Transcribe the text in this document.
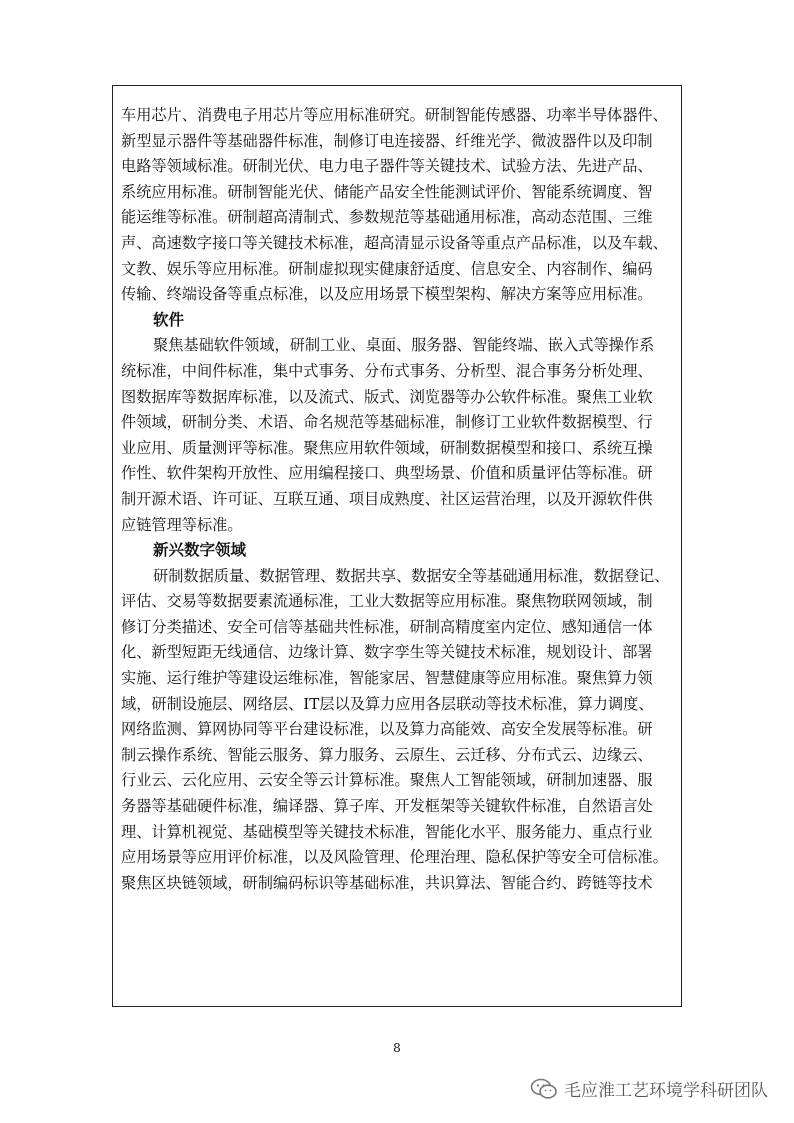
车用芯片、消费电子用芯片等应用标准研究。研制智能传感器、功率半导体器件、
新型显示器件等基础器件标准，制修订电连接器、纤维光学、微波器件以及印制
电路等领域标准。研制光伏、电力电子器件等关键技术、试验方法、先进产品、
系统应用标准。研制智能光伏、储能产品安全性能测试评价、智能系统调度、智
能运维等标准。研制超高清制式、参数规范等基础通用标准，高动态范围、三维
声、高速数字接口等关键技术标准，超高清显示设备等重点产品标准，以及车载、
文教、娱乐等应用标准。研制虚拟现实健康舒适度、信息安全、内容制作、编码
传输、终端设备等重点标准，以及应用场景下模型架构、解决方案等应用标准。
软件
聚焦基础软件领域，研制工业、桌面、服务器、智能终端、嵌入式等操作系
统标准，中间件标准，集中式事务、分布式事务、分析型、混合事务分析处理、
图数据库等数据库标准，以及流式、版式、浏览器等办公软件标准。聚焦工业软
件领域，研制分类、术语、命名规范等基础标准，制修订工业软件数据模型、行
业应用、质量测评等标准。聚焦应用软件领域，研制数据模型和接口、系统互操
作性、软件架构开放性、应用编程接口、典型场景、价值和质量评估等标准。研
制开源术语、许可证、互联互通、项目成熟度、社区运营治理，以及开源软件供
应链管理等标准。
新兴数字领域
研制数据质量、数据管理、数据共享、数据安全等基础通用标准，数据登记、
评估、交易等数据要素流通标准，工业大数据等应用标准。聚焦物联网领域，制
修订分类描述、安全可信等基础共性标准，研制高精度室内定位、感知通信一体
化、新型短距无线通信、边缘计算、数字孪生等关键技术标准，规划设计、部署
实施、运行维护等建设运维标准，智能家居、智慧健康等应用标准。聚焦算力领
域，研制设施层、网络层、IT层以及算力应用各层联动等技术标准，算力调度、
网络监测、算网协同等平台建设标准，以及算力高能效、高安全发展等标准。研
制云操作系统、智能云服务、算力服务、云原生、云迁移、分布式云、边缘云、
行业云、云化应用、云安全等云计算标准。聚焦人工智能领域，研制加速器、服
务器等基础硬件标准，编译器、算子库、开发框架等关键软件标准，自然语言处
理、计算机视觉、基础模型等关键技术标准，智能化水平、服务能力、重点行业
应用场景等应用评价标准，以及风险管理、伦理治理、隐私保护等安全可信标准。
聚焦区块链领域，研制编码标识等基础标准，共识算法、智能合约、跨链等技术
8
毛应淮工艺环境学科研团队
